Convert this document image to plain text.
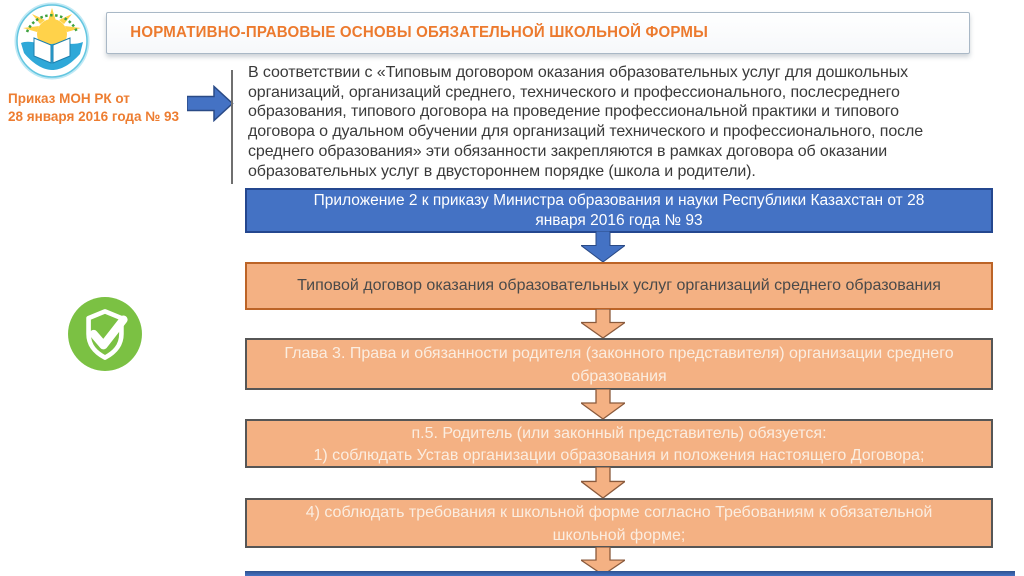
НОРМАТИВНО-ПРАВОВЫЕ ОСНОВЫ ОБЯЗАТЕЛЬНОЙ ШКОЛЬНОЙ ФОРМЫ
Приказ МОН РК от
28 января 2016 года № 93
В соответствии с «Типовым договором оказания образовательных услуг для дошкольных
организаций, организаций среднего, технического и профессионального, послесреднего
образования, типового договора на проведение профессиональной практики и типового
договора о дуальном обучении для организаций технического и профессионального, после
среднего образования» эти обязанности закрепляются в рамках договора об оказании
образовательных услуг в двустороннем порядке (школа и родители).
Приложение 2 к приказу Министра образования и науки Республики Казахстан от 28
января 2016 года № 93
Типовой договор оказания образовательных услуг организаций среднего образования
Глава 3. Права и обязанности родителя (законного представителя) организации среднего
образования
п.5. Родитель (или законный представитель) обязуется:
1) соблюдать Устав организации образования и положения настоящего Договора;
4) соблюдать требования к школьной форме согласно Требованиям к обязательной
школьной форме;
